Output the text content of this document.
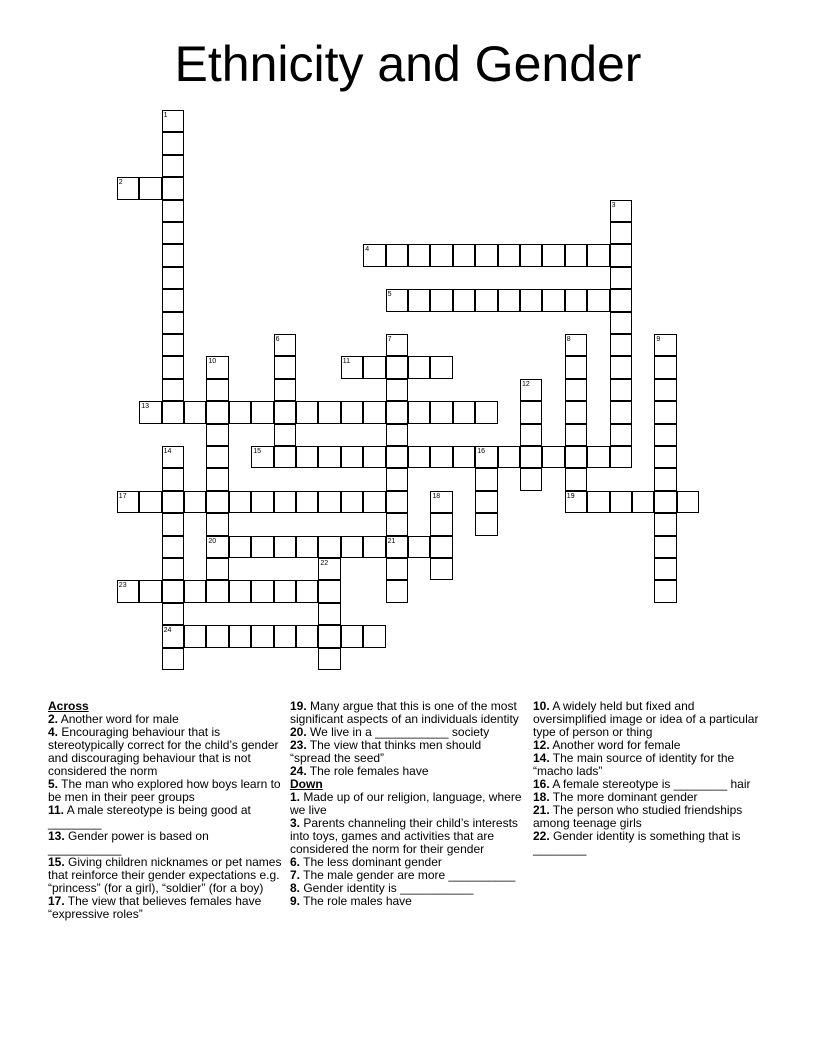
Ethnicity and Gender
2
4
5
11
13
15
17	19
20
23
24
1
3
6	7	8	9
10
12
14	16
18
21
22

Across

2. Another word for male

4. Encouraging behaviour that is stereotypically correct for the child’s gender and discouraging behaviour that is not considered the norm

5. The man who explored how boys learn to be men in their peer groups

11. A male stereotype is being good at ________

13. Gender power is based on ___________

15. Giving children nicknames or pet names that reinforce their gender expectations e.g. “princess” (for a girl), “soldier” (for a boy)

17. The view that believes females have “expressive roles”

19. Many argue that this is one of the most significant aspects of an individuals identity

20. We live in a ___________ society

23. The view that thinks men should “spread the seed”

24. The role females have

Down

1. Made up of our religion, language, where we live

3. Parents channeling their child’s interests into toys, games and activities that are considered the norm for their gender

6. The less dominant gender

7. The male gender are more __________

8. Gender identity is ___________

9. The role males have

10. A widely held but fixed and oversimplified image or idea of a particular type of person or thing

12. Another word for female

14. The main source of identity for the “macho lads”

16. A female stereotype is ________ hair

18. The more dominant gender

21. The person who studied friendships among teenage girls

22. Gender identity is something that is ________
